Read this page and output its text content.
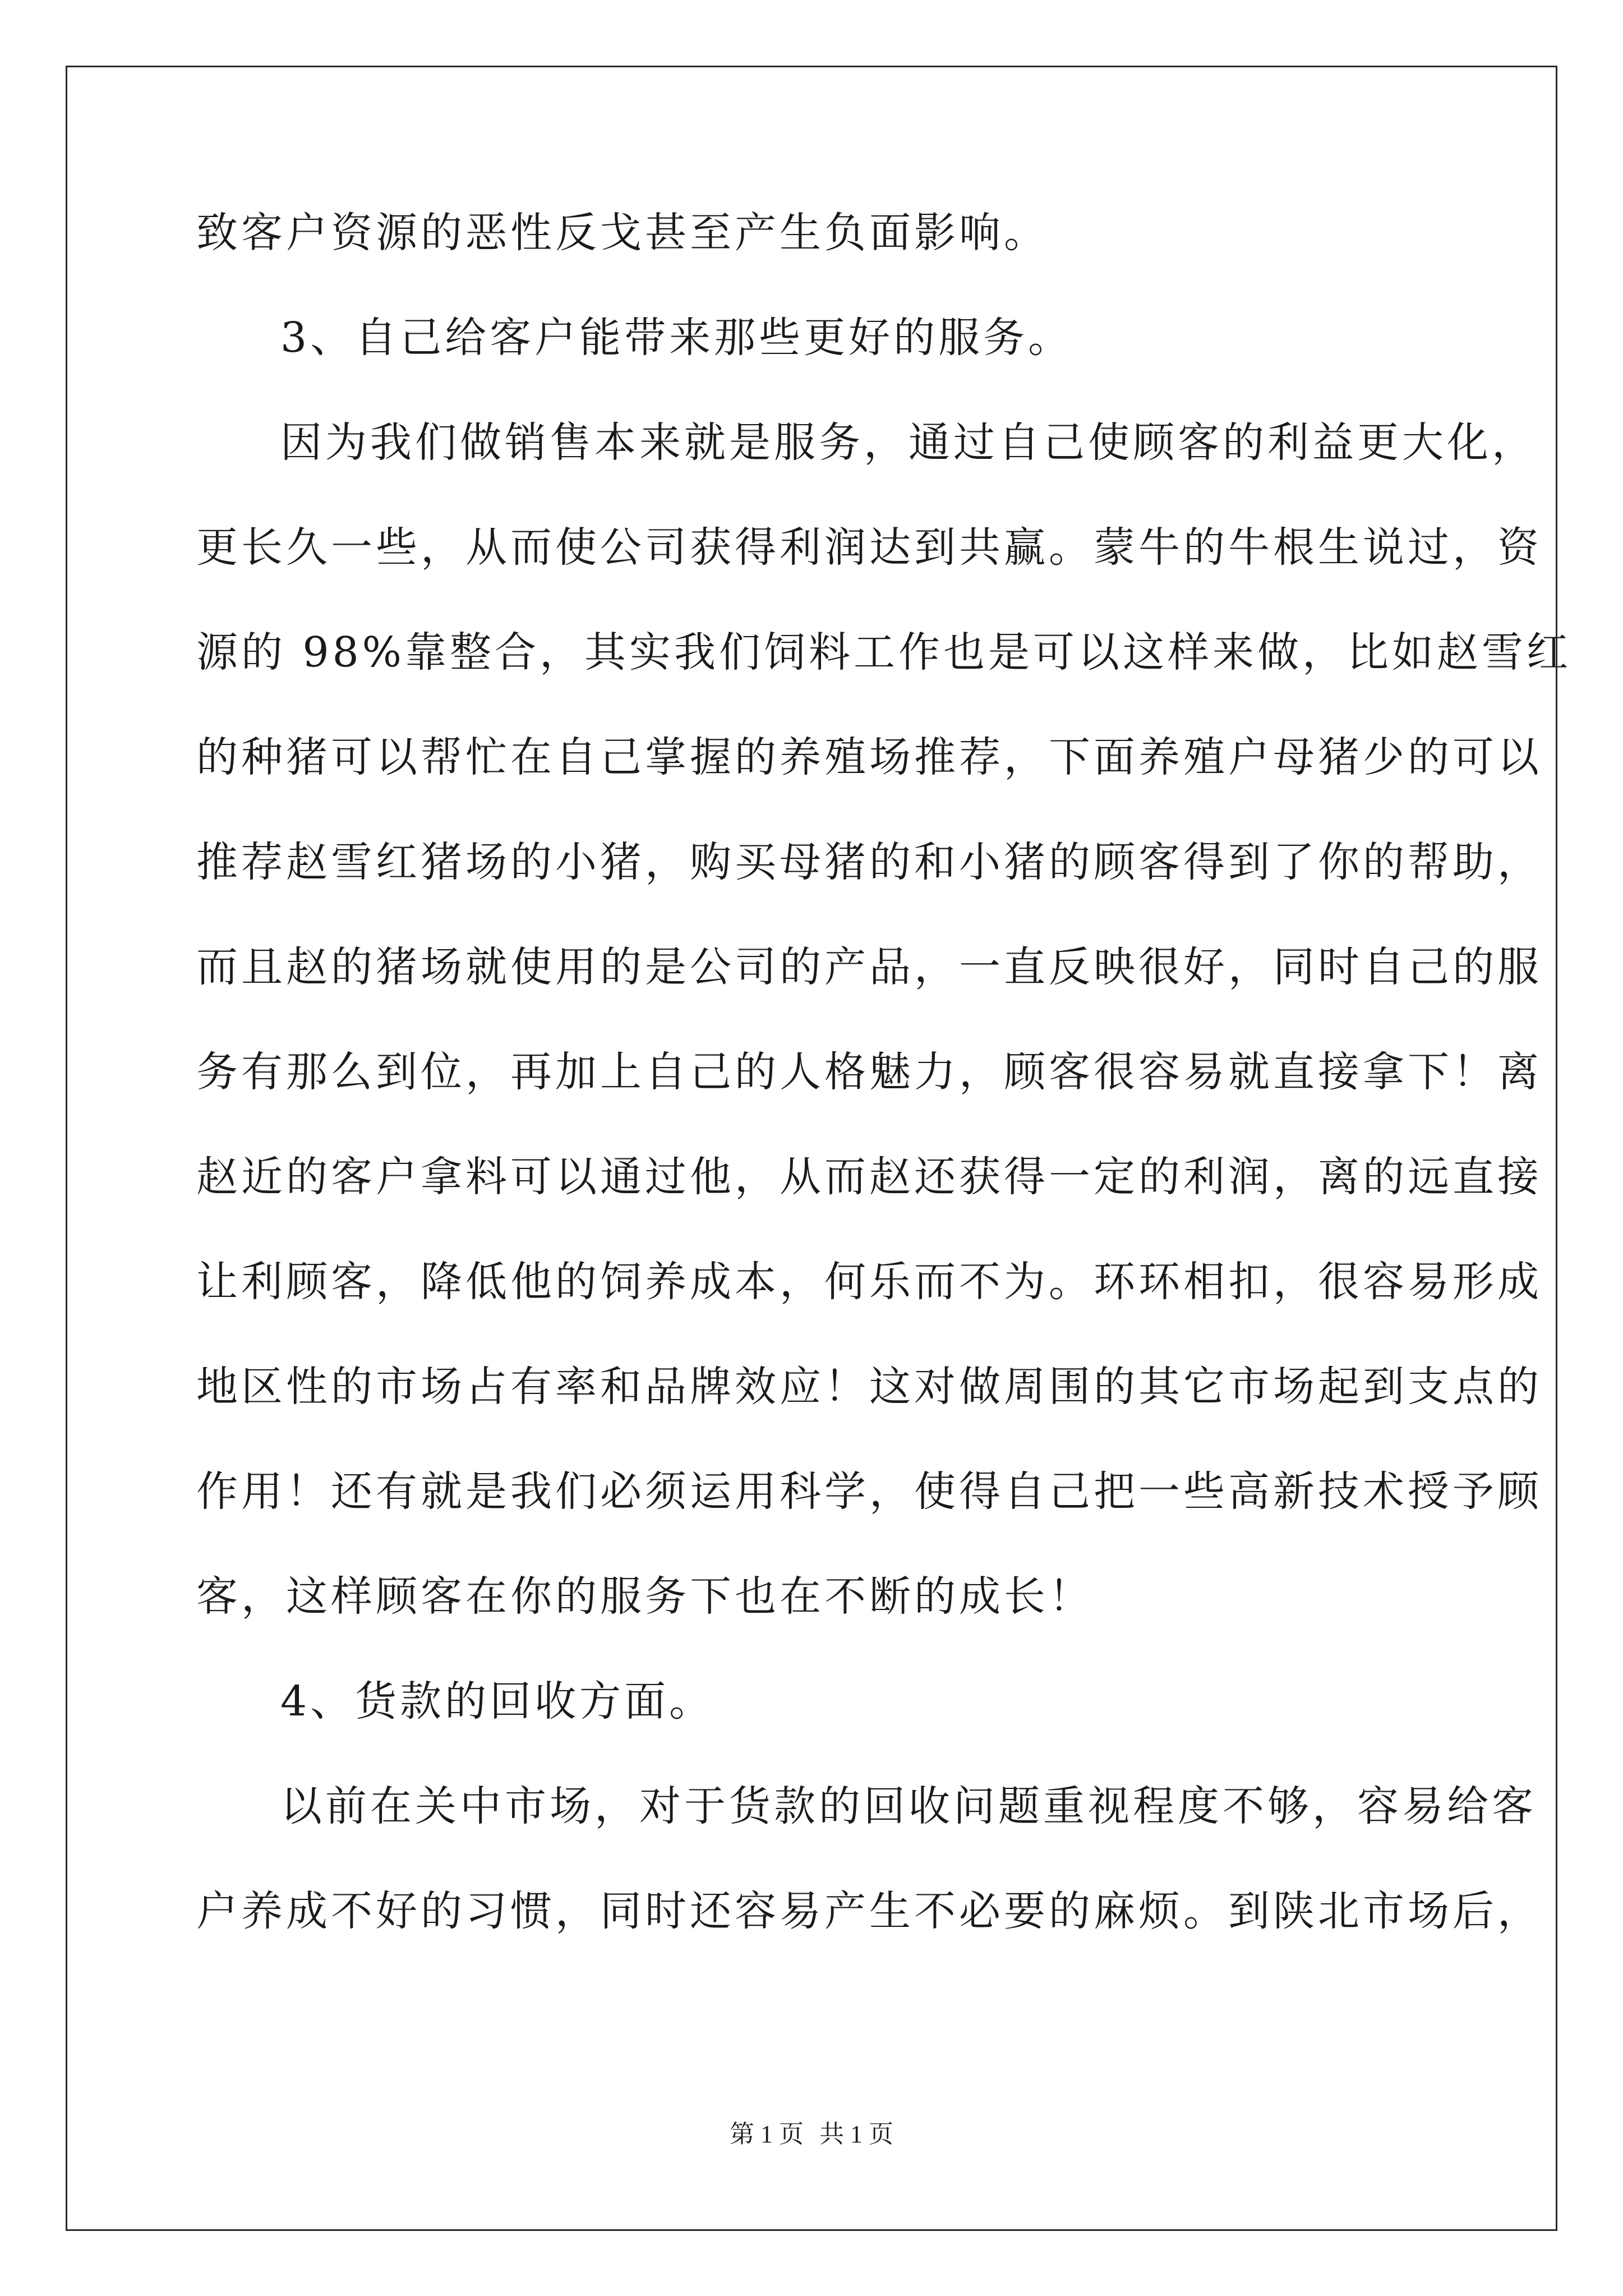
致客户资源的恶性反戈甚至产生负面影响。
3、自己给客户能带来那些更好的服务。
因为我们做销售本来就是服务，通过自己使顾客的利益更大化，
更长久一些，从而使公司获得利润达到共赢。蒙牛的牛根生说过，资
源的 98%靠整合，其实我们饲料工作也是可以这样来做，比如赵雪红
的种猪可以帮忙在自己掌握的养殖场推荐，下面养殖户母猪少的可以
推荐赵雪红猪场的小猪，购买母猪的和小猪的顾客得到了你的帮助，
而且赵的猪场就使用的是公司的产品，一直反映很好，同时自己的服
务有那么到位，再加上自己的人格魅力，顾客很容易就直接拿下！离
赵近的客户拿料可以通过他，从而赵还获得一定的利润，离的远直接
让利顾客，降低他的饲养成本，何乐而不为。环环相扣，很容易形成
地区性的市场占有率和品牌效应！这对做周围的其它市场起到支点的
作用！还有就是我们必须运用科学，使得自己把一些高新技术授予顾
客，这样顾客在你的服务下也在不断的成长！
4、货款的回收方面。
以前在关中市场，对于货款的回收问题重视程度不够，容易给客
户养成不好的习惯，同时还容易产生不必要的麻烦。到陕北市场后，
第 1 页 共 1 页
